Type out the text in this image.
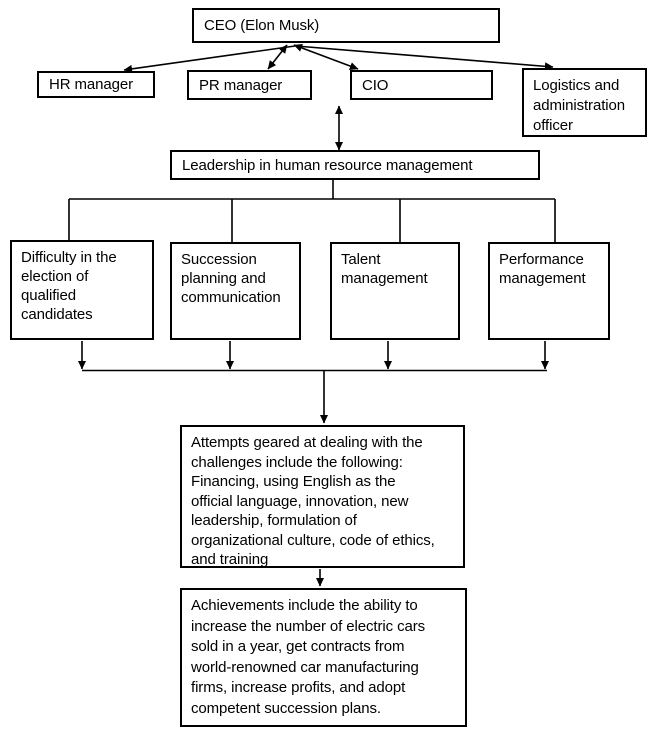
CEO (Elon Musk)
HR manager	PR manager	CIO	Logistics and
administration
officer
Leadership in human resource management
Difficulty in the
election of
qualified
candidates
Succession
planning and
communication
Talent
management
Performance
management
Attempts geared at dealing with the
challenges include the following:
Financing, using English as the
official language, innovation, new
leadership, formulation of
organizational culture, code of ethics,
and training
Achievements include the ability to
increase the number of electric cars
sold in a year, get contracts from
world-renowned car manufacturing
firms, increase profits, and adopt
competent succession plans.
